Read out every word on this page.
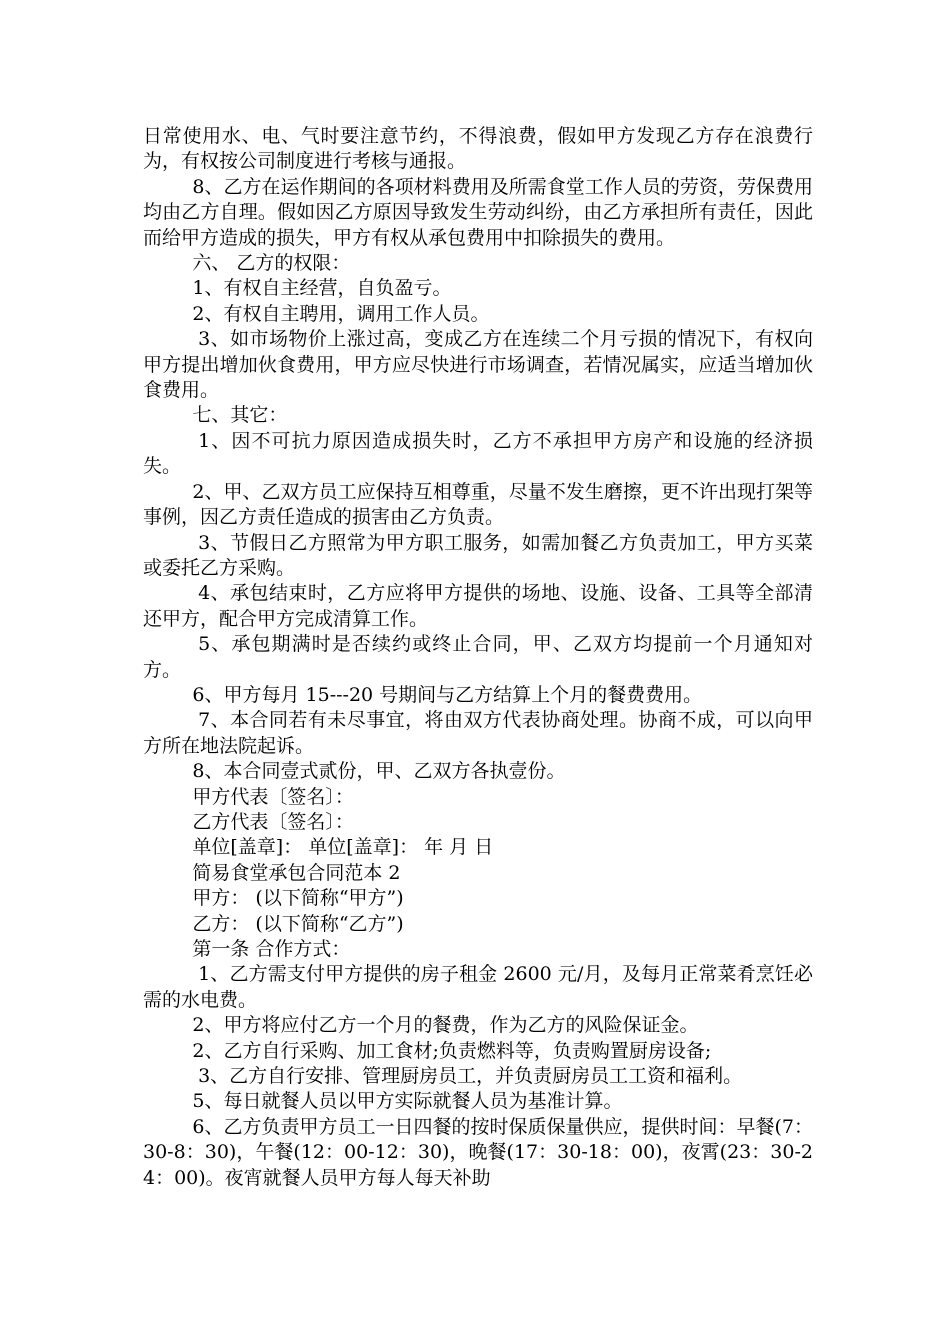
日常使用水、电、气时要注意节约，不得浪费，假如甲方发现乙方存在浪费行为，有权按公司制度进行考核与通报。

8、乙方在运作期间的各项材料费用及所需食堂工作人员的劳资，劳保费用均由乙方自理。假如因乙方原因导致发生劳动纠纷，由乙方承担所有责任，因此而给甲方造成的损失，甲方有权从承包费用中扣除损失的费用。

六、 乙方的权限：

1、有权自主经营，自负盈亏。

2、有权自主聘用，调用工作人员。

3、如市场物价上涨过高，变成乙方在连续二个月亏损的情况下，有权向甲方提出增加伙食费用，甲方应尽快进行市场调查，若情况属实，应适当增加伙食费用。

七、其它：

1、因不可抗力原因造成损失时，乙方不承担甲方房产和设施的经济损失。

2、甲、乙双方员工应保持互相尊重，尽量不发生磨擦，更不许出现打架等事例，因乙方责任造成的损害由乙方负责。

3、节假日乙方照常为甲方职工服务，如需加餐乙方负责加工，甲方买菜或委托乙方采购。

4、承包结束时，乙方应将甲方提供的场地、设施、设备、工具等全部清还甲方，配合甲方完成清算工作。

5、承包期满时是否续约或终止合同，甲、乙双方均提前一个月通知对方。

6、甲方每月 15---20 号期间与乙方结算上个月的餐费费用。

7、本合同若有未尽事宜，将由双方代表协商处理。协商不成，可以向甲方所在地法院起诉。

8、本合同壹式贰份，甲、乙双方各执壹份。

甲方代表〔签名〕：

乙方代表〔签名〕：

单位[盖章]： 单位[盖章]： 年 月 日

简易食堂承包合同范本 2

甲方： (以下简称“甲方”)

乙方： (以下简称“乙方”)

第一条 合作方式：

1、乙方需支付甲方提供的房子租金 2600 元/月，及每月正常菜肴烹饪必需的水电费。

2、甲方将应付乙方一个月的餐费，作为乙方的风险保证金。

2、乙方自行采购、加工食材;负责燃料等，负责购置厨房设备;

3、乙方自行安排、管理厨房员工，并负责厨房员工工资和福利。

5、每日就餐人员以甲方实际就餐人员为基准计算。

6、乙方负责甲方员工一日四餐的按时保质保量供应，提供时间：早餐(7：30-8：30)，午餐(12：00-12：30)，晚餐(17：30-18：00)，夜霄(23：30-24：00)。夜宵就餐人员甲方每人每天补助
